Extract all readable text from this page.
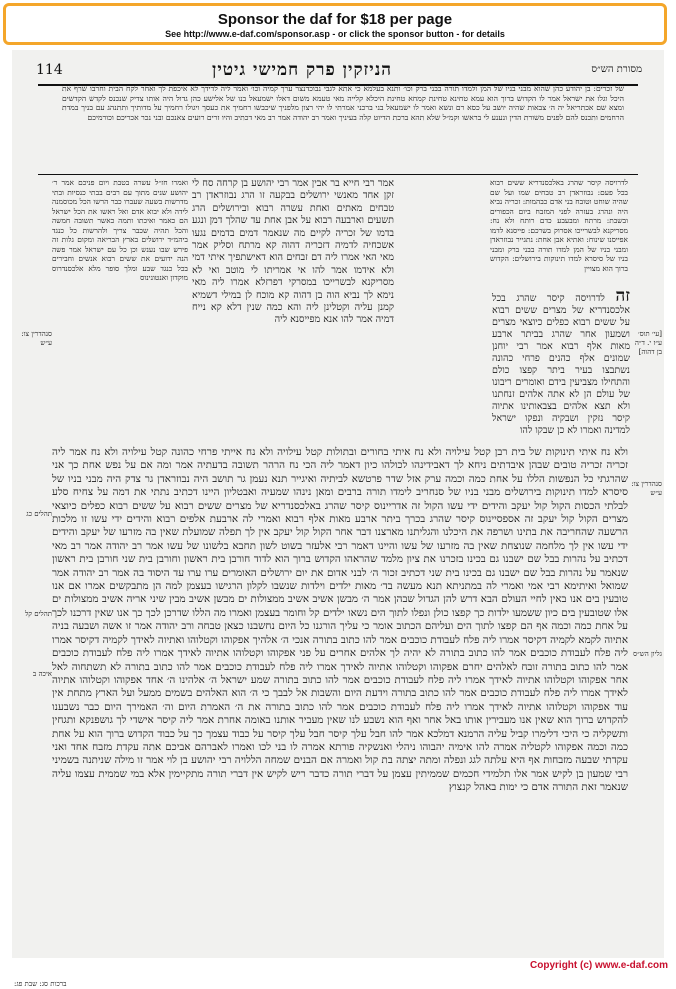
Sponsor the daf for $18 per page
See http://www.e-daf.com/sponsor.asp - or click the sponsor button - for details
מסורת הש״ס
הניזקין פרק חמישי גיטין
114
של זכרים: בן יהודע כהן שהוא מבני בניו של המן ולמדו תורה בבני ברק וכו׳ ותנא בעלמא כי אתא לגבי נבוכדנצר ערך קמיה וכו׳ ואמר ליה לדידך לא איכפת לך ואחר לקח הבית וחרבו שרף את היכל וגלו את ישראל אמר לו הקדוש ברוך הוא עמא טחינא טחינת קמחא טחינת היכלא קלייה מאי טעמא משום דאלו ישמעאל בנו של אלישע כהן גדול היה אותו צדיק שנכנס לקדש הקדשים ומצא שם אכתריאל יה ה׳ צבאות שהיה יושב על כסא רם ונשא ואמר לו ישמעאל בני ברכני אמרתי לו יהי רצון מלפניך שיכבשו רחמיך את כעסך ויגולו רחמיך על מדותיך ותתנהג עם בניך במדת הרחמים ותכנס להם לפנים משורת הדין ונענע לי בראשו וקמ״ל שלא תהא ברכת הדיוט קלה בעיניך ואמר רב יהודה אמר רב מאי דכתיב והיו זרים רועים צאנכם ובני נכר אכריכם וכורמיכם
לדרויסה קיסר שהרג באלכסנדריא ששים רבוא בכל פעם: נבוזראדן רב טבחים שמו ועל שם שהיה שוחט וטובח בני אדם כבהמות: זכריה נביא היה ונהרג בעזרה לפני המזבח ביום הכפורים ובשבת: מרתח ומבעבע כדם רותח ולא נח: מסריקנא לבשרייכו אסרוק בשרכם: פייסנא לדמו אפייסנו שינוח: ואתיא אבן אחת: נתגייר נבוזראדן ומבני בניו של המן למדו תורה בבני ברק ומבני בניו של סיסרא למדו תינוקות בירושלים: הקדוש ברוך הוא מצויין
אמר רבי חייא בר אבין אמר רבי יהושע בן קרחה סח לי זקן אחד מאנשי ירושלים בבקעה זו הרג נבוזראדן רב טבחים מאתים ואחת עשרה רבוא ובירושלים הרג תשעים וארבעה רבוא על אבן אחת עד שהלך דמן ונגע בדמו של זכריה לקיים מה שנאמר דמים בדמים נגעו אשכחיה לדמיה דזכריה דהוה קא מרתח וסליק אמר מאי האי אמרו ליה דם זבחים הוא דאישתפיך איתי דמי ולא אידמו אמר להו אי אמריתו לי מוטב ואי לא מסריקנא לבשרייכו במסרקי דפרזלא אמרו ליה מאי נימא לך נביא הוה בן דהוה קא מוכח לן במילי דשמיא קמנן עליה וקטלינן ליה והא כמה שנין דלא קא נייח דמיה אמר להו אנא מפייסנא ליה
ואמרו חז״ל עשרה בטבת ויום פניכם אמר ר׳ יהושע שנים מתוך עם רבים בבתי כנסיות ובתי מדרשות בשעה שעברו כבר הרשו הכל מכוסמנה לידה ולא יבוא אדם ואל ראשו את הכל ישראל הם כאמר ואיכתו ותמה כאשר תשובה חמשה והכל תהיה שכבר צריך ולהרשות כל כנגד ביהמ״ד ירושלים בארץ הבריאה ומקום גלות זה פירש שבו נענש וכן כל עם ישראל אמר פשה הנה ידועים את ששים רבוא אנשים וחבירים בכל כנגד שבע ומלך סופר מלא אלכסנדרוס מוקדון ואנטונינוס
זה לדרויסה קיסר שהרג בכל אלכסנדריא של מצרים ששים רבוא על ששים רבוא כפלים כיוצאי מצרים ושמעון אחר שהרג בביתר ארבע מאות אלף רבוא אמר רבי יוחנן שמונים אלף כהנים פרחי כהונה נשתבצו בעיר ביתר קפצו כולם והתחילו מצביעין בידם ואומרים ריבונו של עולם הן לא אתה אלהים זנחתנו ולא תצא אלהים בצבאותינו אתיוה קיסר נזקין ושבקיה ונפקו ישראל למדינה ואמרו לא כן שבקו להו
ולא נח איתי תינוקות של בית רבן קטל עילויה ולא נח איתי בחורים ובתולות קטל עילויה ולא נח אייתי פרחי כהונה קטל עילויה ולא נח אמר ליה זכריה זכריה טובים שבהן איבדתים ניחא לך דאבידינהו לכולהו כיון דאמר ליה הכי נח הרהר תשובה בדעתיה אמר ומה אם על נפש אחת כך אני שהרגתי כל הנפשות הללו על אחת כמה וכמה ערק אזל שדר פרטשא לביתיה ואיגייר תנא נעמן גר תושב היה נבוזראדן גר צדק היה מבני בניו של סיסרא למדו תינוקות בירושלים מבני בניו של סנחריב לימדו תורה ברבים ומאן נינהו שמעיה ואבטליון היינו דכתיב נתתי את דמה על צחיח סלע לבלתי הכסות הקול קול יעקב והידים ידי עשו הקול זה אדריינוס קיסר שהרג באלכסנדריא של מצרים ששים רבוא על ששים רבוא כפלים כיוצאי מצרים הקול קול יעקב זה אספסיינוס קיסר שהרג בכרך ביתר ארבע מאות אלף רבוא ואמרי לה ארבעת אלפים רבוא והידים ידי עשו זו מלכות הרשעה שהחריבה את בתינו ושרפה את היכלנו והגליתנו מארצנו דבר אחר הקול קול יעקב אין לך תפלה שמועלת שאין בה מזרעו של יעקב והידים ידי עשו אין לך מלחמה שנוצחת שאין בה מזרעו של עשו והיינו דאמר רבי אלעזר בשוט לשון תחבא בלשונו של עשו אמר רב יהודה אמר רב מאי דכתיב על נהרות בבל שם ישבנו גם בכינו בזכרנו את ציון מלמד שהראהו הקדוש ברוך הוא לדוד חורבן בית ראשון וחורבן בית שני חורבן בית ראשון שנאמר על נהרות בבל שם ישבנו גם בכינו בית שני דכתיב זכור ה׳ לבני אדום את יום ירושלים האומרים ערו ערו עד היסוד בה אמר רב יהודה אמר שמואל ואיתימא רבי אמי ואמרי לה במתניתא תנא מעשה בד׳ מאות ילדים וילדות שנשבו לקלון הרגישו בעצמן למה הן מתבקשים אמרו אם אנו טובעין בים אנו באין לחיי העולם הבא דרש להן הגדול שבהן אמר ה׳ מבשן אשיב אשיב ממצולות ים מבשן אשיב מבין שיני אריה אשיב ממצולות ים אלו שטובעין בים כיון ששמעו ילדות כך קפצו כולן ונפלו לתוך הים נשאו ילדים קל וחומר בעצמן ואמרו מה הללו שדרכן לכך כך אנו שאין דרכנו לכך על אחת כמה וכמה אף הם קפצו לתוך הים ועליהם הכתוב אומר כי עליך הורגנו כל היום נחשבנו כצאן טבחה ורב יהודה אמר זו אשה ושבעה בניה אתיוה לקמא לקמיה דקיסר אמרו ליה פלח לעבודת כוכבים אמר להו כתוב בתורה אנכי ה׳ אלהיך אפקוהו וקטלוהו ואתיוה לאידך לקמיה דקיסר אמרו ליה פלח לעבודת כוכבים אמר להו כתוב בתורה לא יהיה לך אלהים אחרים על פני אפקוהו וקטלוהו אתיוה לאידך אמרו ליה פלח לעבודת כוכבים אמר להו כתוב בתורה זובח לאלהים יחרם אפקוהו וקטלוהו אתיוה לאידך אמרו ליה פלח לעבודת כוכבים אמר להו כתוב בתורה לא תשתחוה לאל אחר אפקוהו וקטלוהו אתיוה לאידך אמרו ליה פלח לעבודת כוכבים אמר להו כתוב בתורה שמע ישראל ה׳ אלהינו ה׳ אחד אפקוהו וקטלוהו אתיוה לאידך אמרו ליה פלח לעבודת כוכבים אמר להו כתוב בתורה וידעת היום והשבות אל לבבך כי ה׳ הוא האלהים בשמים ממעל ועל הארץ מתחת אין עוד אפקוהו וקטלוהו אתיוה לאידך אמרו ליה פלח לעבודת כוכבים אמר להו כתוב בתורה את ה׳ האמרת היום וה׳ האמירך היום כבר נשבענו להקדוש ברוך הוא שאין אנו מעבירין אותו באל אחר ואף הוא נשבע לנו שאין מעביר אותנו באומה אחרת אמר ליה קיסר אישדי לך גושפנקא ותגחין ותשקליה כי היכי דלימרו קביל עליה הרמנא דמלכא אמר להו חבל עלך קיסר חבל עלך קיסר על כבוד עצמך כך על כבוד הקדוש ברוך הוא על אחת כמה וכמה אפקוהו לקטליה אמרה להו אימיה יהבוהו ניהלי ואנשקיה פורתא אמרה לו בני לכו ואמרו לאברהם אביכם אתה עקדת מזבח אחד ואני עקדתי שבעה מזבחות אף היא עלתה לגג ונפלה ומתה יצתה בת קול ואמרה אם הבנים שמחה הללויה רבי יהושע בן לוי אמר זו מילה שניתנה בשמיני רבי שמעון בן לקיש אמר אלו תלמידי חכמים שממיתין עצמן על דברי תורה כדבר ריש לקיש אין דברי תורה מתקיימין אלא במי שממית עצמו עליה שנאמר זאת התורה אדם כי ימות באהל קנצוץ
[עי׳ תוס׳ ע״ז י. ד״ה בן דהוה]
סנהדרין צו: ע״ש
גליון הש״ס
סנהדרין צו: ע״ש
תהלים כג
תהלים קל
איכה ב
ברכות סג: שבת פג:
Copyright (c) www.e-daf.com
